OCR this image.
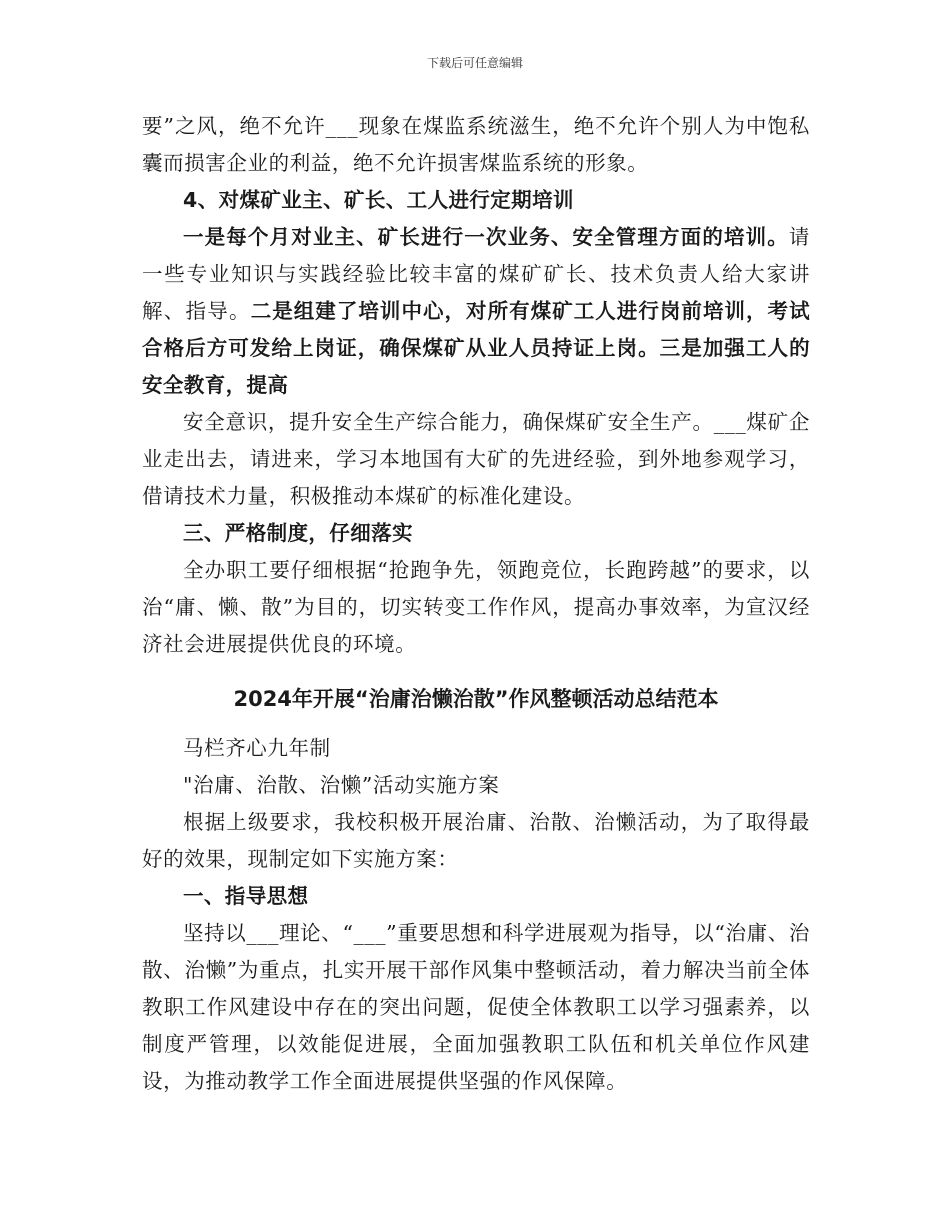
下载后可任意编辑

要”之风，绝不允许___现象在煤监系统滋生，绝不允许个别人为中饱私囊而损害企业的利益，绝不允许损害煤监系统的形象。

4、对煤矿业主、矿长、工人进行定期培训

一是每个月对业主、矿长进行一次业务、安全管理方面的培训。请一些专业知识与实践经验比较丰富的煤矿矿长、技术负责人给大家讲解、指导。二是组建了培训中心，对所有煤矿工人进行岗前培训，考试合格后方可发给上岗证，确保煤矿从业人员持证上岗。三是加强工人的安全教育，提高

安全意识，提升安全生产综合能力，确保煤矿安全生产。___煤矿企业走出去，请进来，学习本地国有大矿的先进经验，到外地参观学习，借请技术力量，积极推动本煤矿的标准化建设。

三、严格制度，仔细落实

全办职工要仔细根据“抢跑争先，领跑竞位，长跑跨越”的要求，以治“庸、懒、散”为目的，切实转变工作作风，提高办事效率，为宣汉经济社会进展提供优良的环境。

2024年开展“治庸治懒治散”作风整顿活动总结范本

马栏齐心九年制

"治庸、治散、治懒”活动实施方案

根据上级要求，我校积极开展治庸、治散、治懒活动，为了取得最好的效果，现制定如下实施方案：

一、指导思想

坚持以___理论、“___”重要思想和科学进展观为指导，以“治庸、治散、治懒”为重点，扎实开展干部作风集中整顿活动，着力解决当前全体教职工作风建设中存在的突出问题，促使全体教职工以学习强素养，以制度严管理，以效能促进展，全面加强教职工队伍和机关单位作风建设，为推动教学工作全面进展提供坚强的作风保障。
